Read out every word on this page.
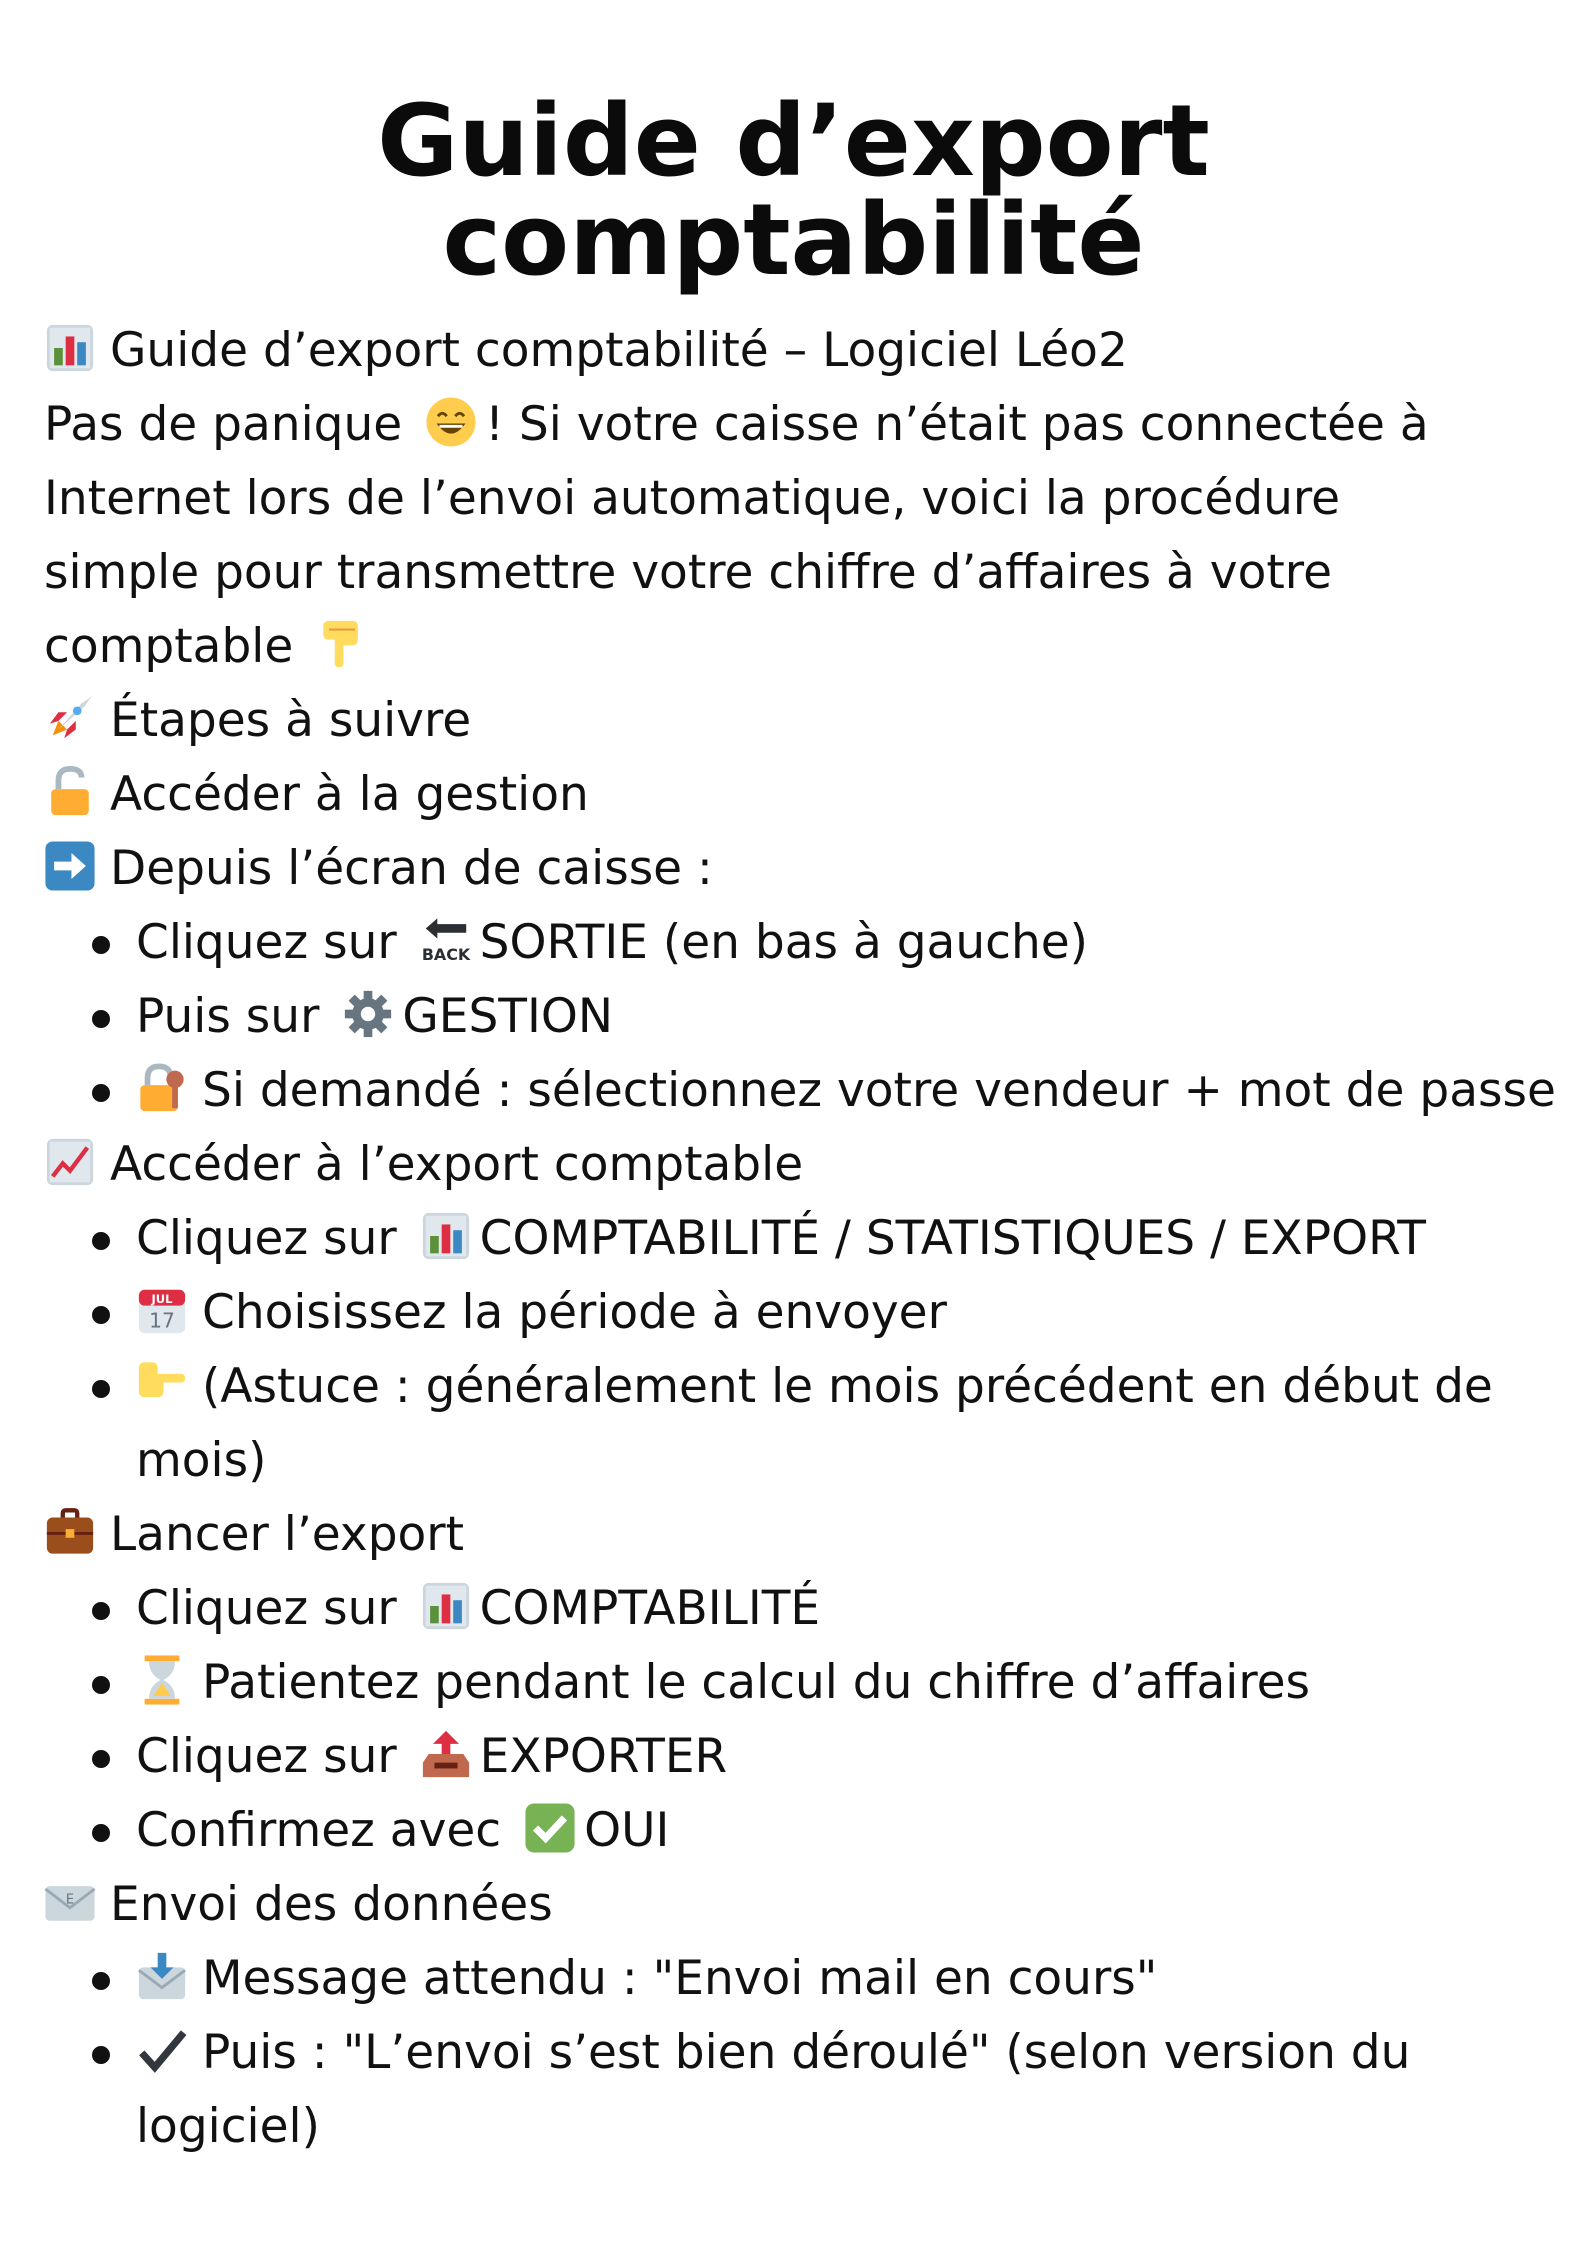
Guide d’export comptabilité
Guide d’export comptabilité – Logiciel Léo2
Pas de panique ! Si votre caisse n’était pas connectée à Internet lors de l’envoi automatique, voici la procédure simple pour transmettre votre chiffre d’affaires à votre comptable
Étapes à suivre
Accéder à la gestion
Depuis l’écran de caisse :
Cliquez sur BACK SORTIE (en bas à gauche)
Puis sur GESTION
Si demandé : sélectionnez votre vendeur + mot de passe
Accéder à l’export comptable
Cliquez sur COMPTABILITÉ / STATISTIQUES / EXPORT
JUL
17 Choisissez la période à envoyer
(Astuce : généralement le mois précédent en début de mois)
Lancer l’export
Cliquez sur COMPTABILITÉ
Patientez pendant le calcul du chiffre d’affaires
Cliquez sur EXPORTER
Confirmez avec OUI
E Envoi des données
Message attendu : "Envoi mail en cours"
Puis : "L’envoi s’est bien déroulé" (selon version du logiciel)
